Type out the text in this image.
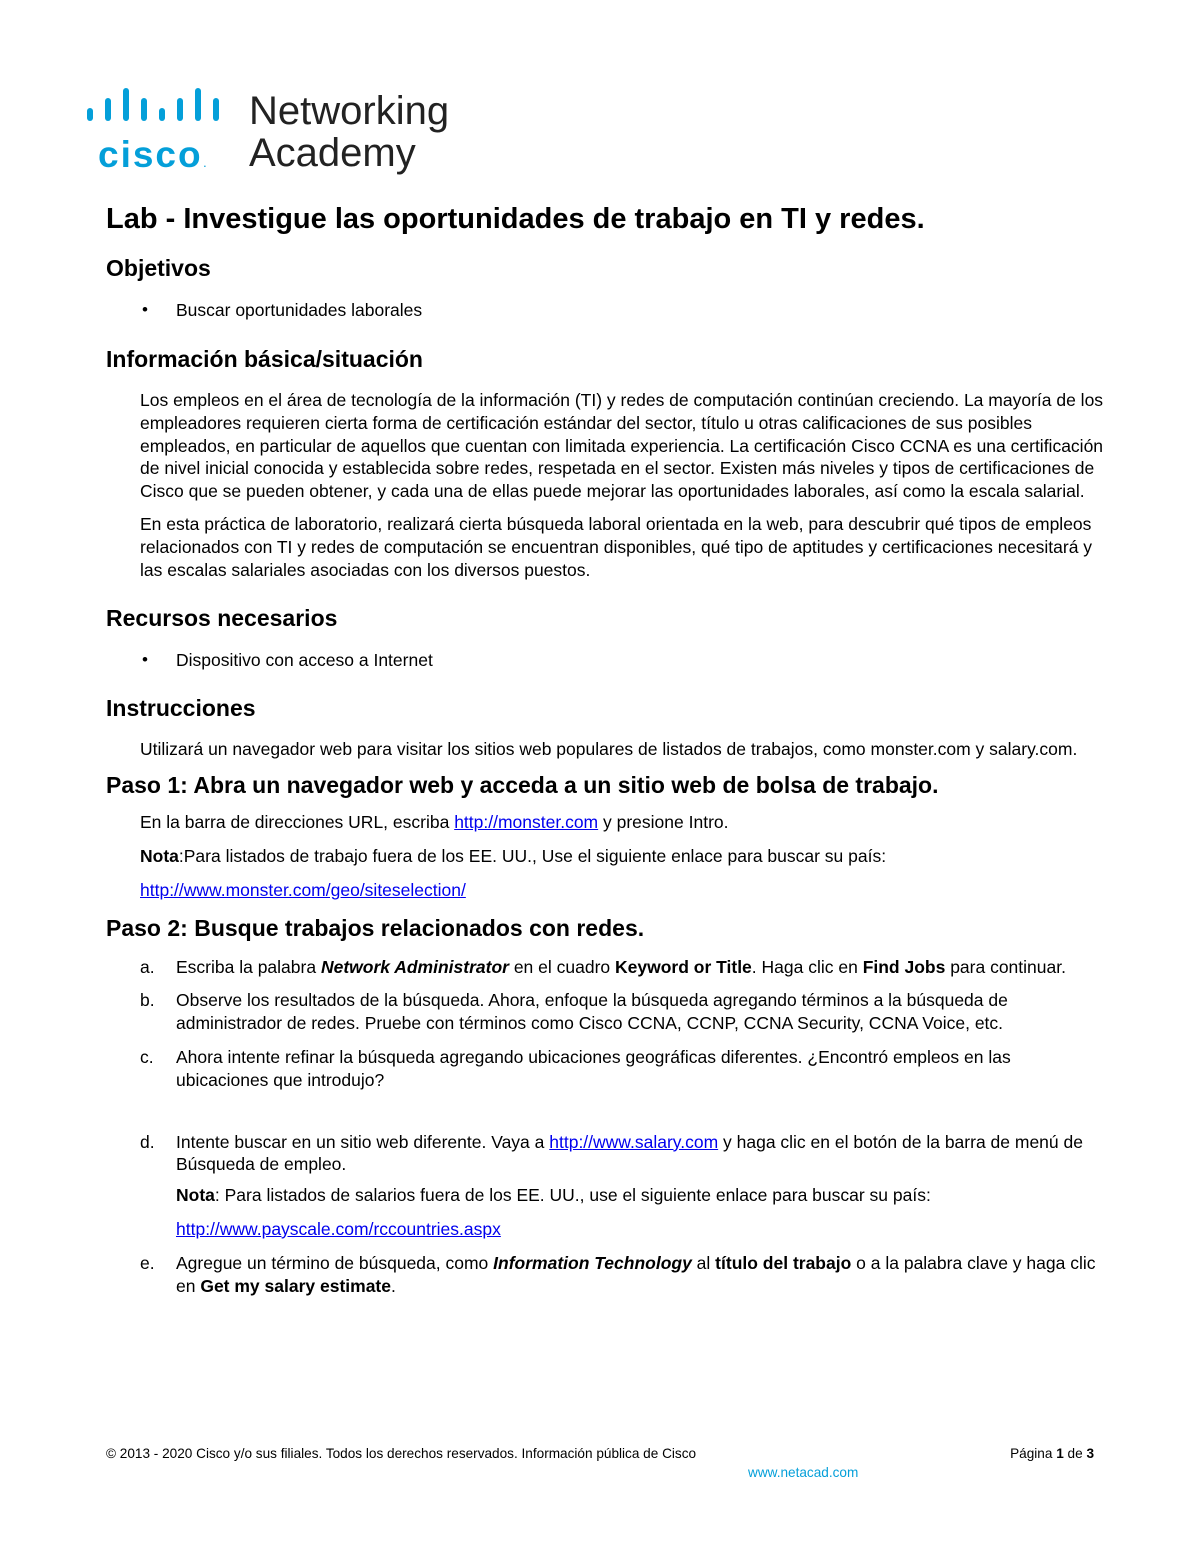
cisco.
Networking
Academy
Lab - Investigue las oportunidades de trabajo en TI y redes.
Objetivos
• Buscar oportunidades laborales
Información básica/situación

Los empleos en el área de tecnología de la información (TI) y redes de computación continúan creciendo. La mayoría de los empleadores requieren cierta forma de certificación estándar del sector, título u otras calificaciones de sus posibles empleados, en particular de aquellos que cuentan con limitada experiencia. La certificación Cisco CCNA es una certificación de nivel inicial conocida y establecida sobre redes, respetada en el sector. Existen más niveles y tipos de certificaciones de Cisco que se pueden obtener, y cada una de ellas puede mejorar las oportunidades laborales, así como la escala salarial.

En esta práctica de laboratorio, realizará cierta búsqueda laboral orientada en la web, para descubrir qué tipos de empleos relacionados con TI y redes de computación se encuentran disponibles, qué tipo de aptitudes y certificaciones necesitará y las escalas salariales asociadas con los diversos puestos.

Recursos necesarios
• Dispositivo con acceso a Internet
Instrucciones

Utilizará un navegador web para visitar los sitios web populares de listados de trabajos, como monster.com y salary.com.

Paso 1: Abra un navegador web y acceda a un sitio web de bolsa de trabajo.

En la barra de direcciones URL, escriba http://monster.com y presione Intro.

Nota:Para listados de trabajo fuera de los EE. UU., Use el siguiente enlace para buscar su país:

http://www.monster.com/geo/siteselection/

Paso 2: Busque trabajos relacionados con redes.
a. Escriba la palabra Network Administrator en el cuadro Keyword or Title. Haga clic en Find Jobs para continuar.
b. Observe los resultados de la búsqueda. Ahora, enfoque la búsqueda agregando términos a la búsqueda de administrador de redes. Pruebe con términos como Cisco CCNA, CCNP, CCNA Security, CCNA Voice, etc.
c. Ahora intente refinar la búsqueda agregando ubicaciones geográficas diferentes. ¿Encontró empleos en las ubicaciones que introdujo?
d. Intente buscar en un sitio web diferente. Vaya a http://www.salary.com y haga clic en el botón de la barra de menú de Búsqueda de empleo.
Nota: Para listados de salarios fuera de los EE. UU., use el siguiente enlace para buscar su país:
http://www.payscale.com/rccountries.aspx
e. Agregue un término de búsqueda, como Information Technology al título del trabajo o a la palabra clave y haga clic en Get my salary estimate.
© 2013 - 2020 Cisco y/o sus filiales. Todos los derechos reservados. Información pública de Cisco	Página 1 de 3
www.netacad.com
